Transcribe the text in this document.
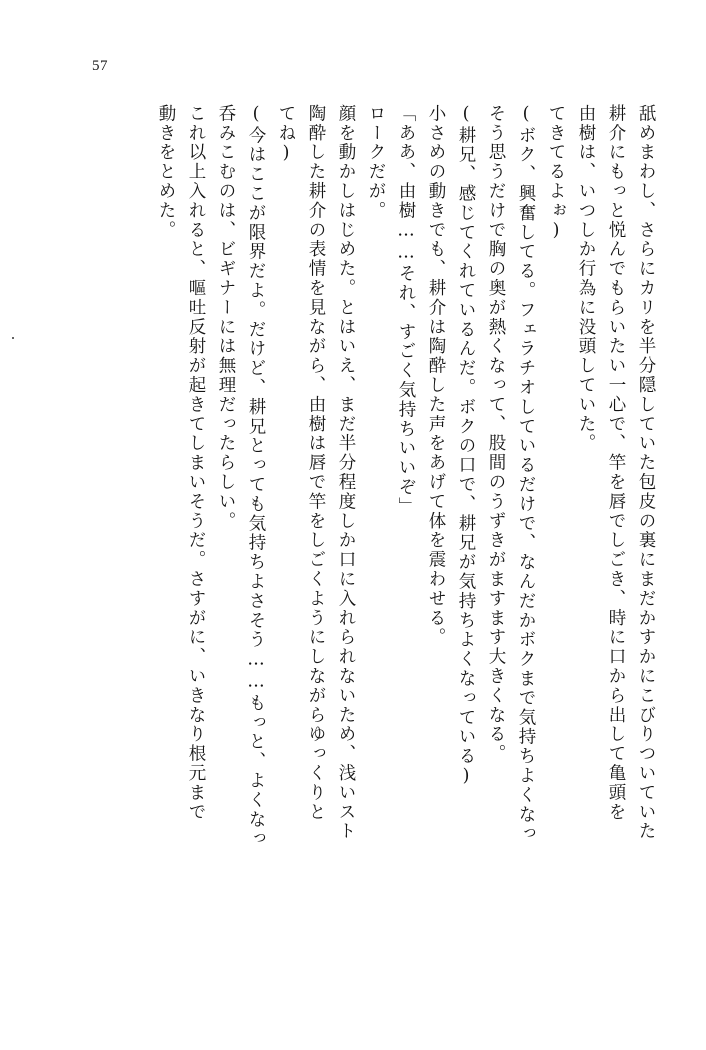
57
動きをとめた。 これ以上入れると、嘔吐反射が起きてしまいそうだ。さすがに、いきなり根元まで 呑みこむのは、ビギナーには無理だったらしい。 (今はここが限界だよ。だけど、耕兄とっても気持ちよさそう……もっと、よくなっ てね) 陶酔した耕介の表情を見ながら、由樹は唇で竿をしごくようにしながらゆっくりと 顔を動かしはじめた。とはいえ、まだ半分程度しか口に入れられないため、浅いスト ロークだが。 「ああ、由樹……それ、すごく気持ちいいぞ」 小さめの動きでも、耕介は陶酔した声をあげて体を震わせる。 (耕兄、感じてくれているんだ。ボクの口で、耕兄が気持ちよくなっている) そう思うだけで胸の奥が熱くなって、股間のうずきがますます大きくなる。 (ボク、興奮してる。フェラチオしているだけで、なんだかボクまで気持ちよくなっ てきてるよぉ) 由樹は、いつしか行為に没頭していた。 耕介にもっと悦んでもらいたい一心で、竿を唇でしごき、時に口から出して亀頭を 舐めまわし、さらにカリを半分隠していた包皮の裏にまだかすかにこびりついていた
